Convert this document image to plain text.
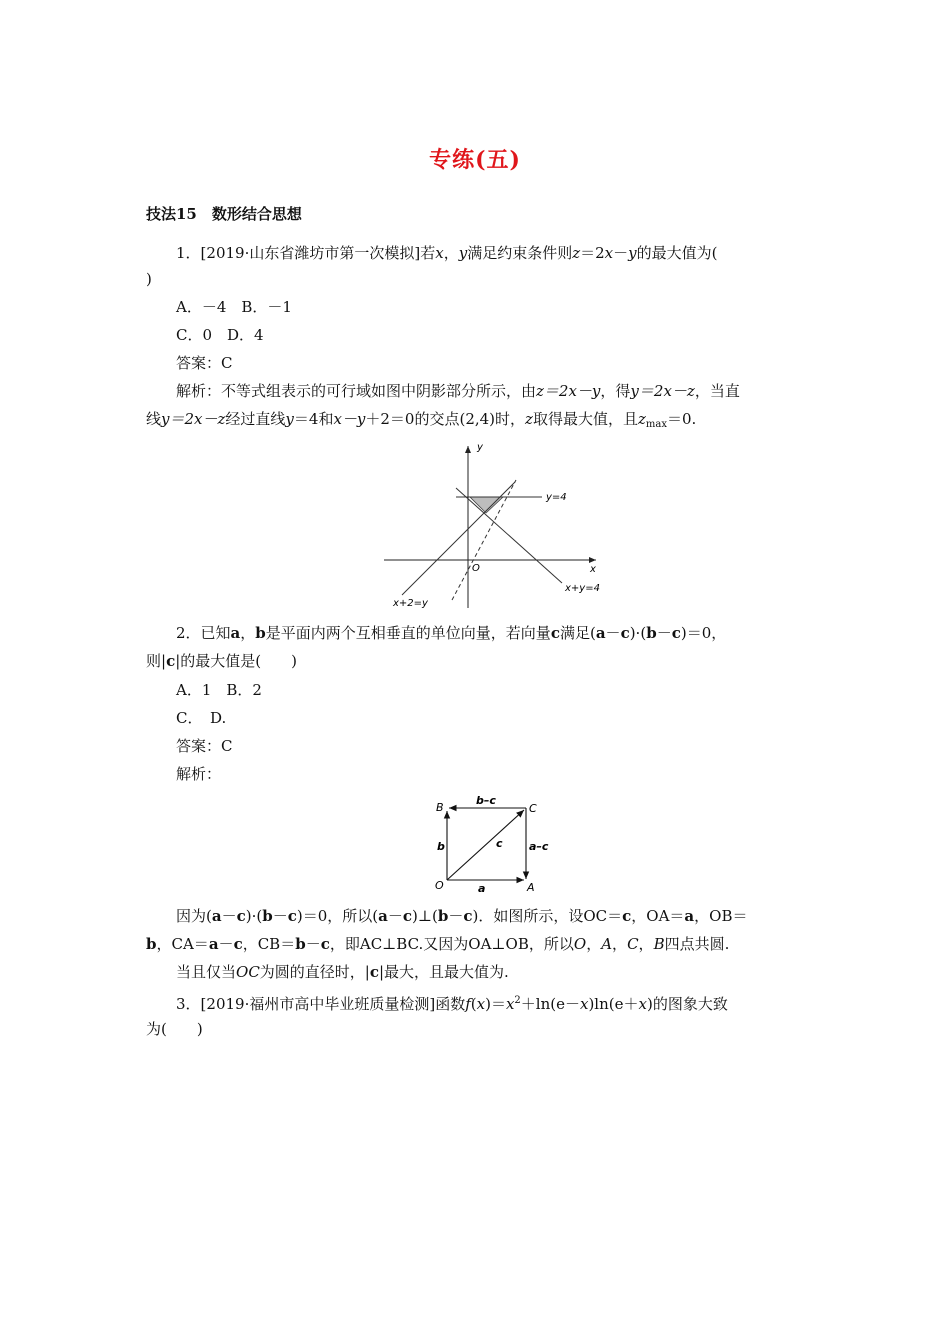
专练(五)
技法15　数形结合思想
1．[2019·山东省潍坊市第一次模拟]若x，y满足约束条件则z＝2x－y的最大值为(
)
A．－4　B．－1
C．0　D．4
答案：C
解析：不等式组表示的可行域如图中阴影部分所示，由z＝2x－y，得y＝2x－z，当直
线y＝2x－z经过直线y＝4和x－y＋2＝0的交点(2,4)时，z取得最大值，且$z_{max}=0$.
y
x
O
y=4
x+y=4
x+2=y
2．已知a，b是平面内两个互相垂直的单位向量，若向量c满足(a－c)·(b－c)＝0，
则|c|的最大值是(　　)
A．1　B．2
C．　D.
答案：C
解析：
B	C
O	A
b–c
a–c
b
a
c
因为(a－c)·(b－c)＝0，所以(a－c)⊥(b－c)．如图所示，设OC＝c，OA＝a，OB＝
b，CA＝a－c，CB＝b－c，即AC⊥BC.又因为OA⊥OB，所以O，A，C，B四点共圆.
当且仅当OC为圆的直径时，|c|最大，且最大值为.
3．[2019·福州市高中毕业班质量检测]函数$f(x)=x^2+\ln(e-x)\ln(e+x)$的图象大致
为(　　)
